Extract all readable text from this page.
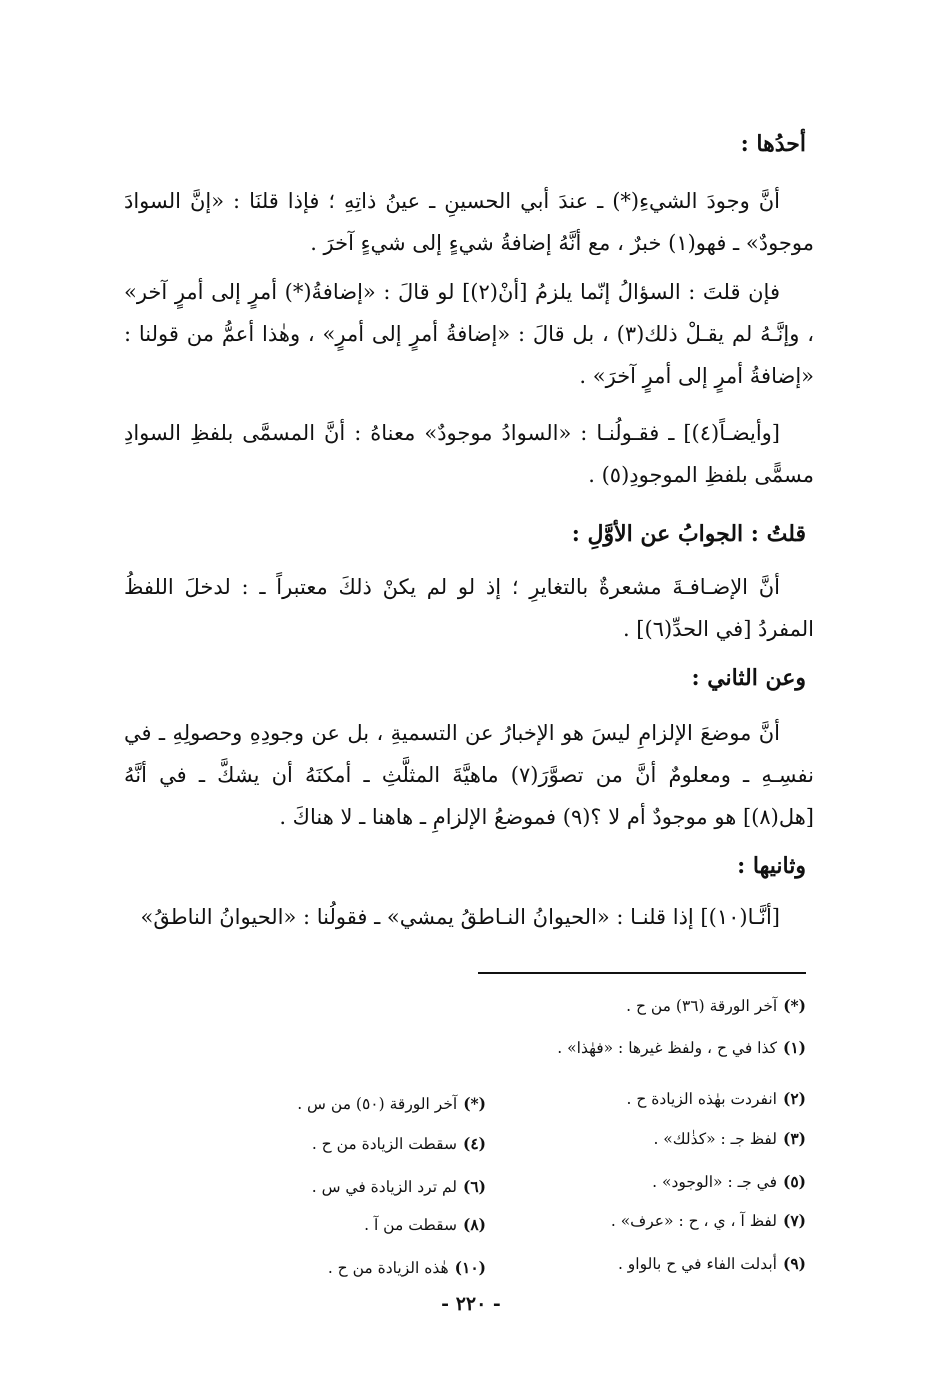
أحدُها :
أنَّ وجودَ الشيءِ(*) ـ عندَ أبي الحسينِ ـ عينُ ذاتِهِ ؛ فإذا قلنَا : «إنَّ السوادَ موجودٌ» ـ فهو(١) خبرٌ ، مع أنَّهُ إضافةُ شيءٍ إلى شيءٍ آخرَ .
فإن قلتَ : السؤالُ إنّما يلزمُ [أنْ(٢)] لو قالَ : «إضافةُ(*) أمرٍ إلى أمرٍ آخر» ، وإنَّـهُ لم يقـلْ ذلك(٣) ، بل قالَ : «إضافةُ أمرٍ إلى أمرٍ» ، وهٰذا أعمُّ من قولنا : «إضافةُ أمرٍ إلى أمرٍ آخرَ» .
[وأيضـاً(٤)] ـ فقـولُنـا : «السوادُ موجودٌ» معناهُ : أنَّ المسمَّى بلفظِ السوادِ مسمًّى بلفظِ الموجودِ(٥) .
قلتُ : الجوابُ عن الأوَّلِ :
أنَّ الإضـافـةَ مشعرةٌ بالتغايرِ ؛ إذ لو لم يكنْ ذلكَ معتبراً ـ : لدخلَ اللفظُ المفردُ [في الحدِّ(٦)] .
وعن الثاني :
أنَّ موضعَ الإلزامِ ليسَ هو الإخبارُ عن التسميةِ ، بل عن وجودِهِ وحصولِهِ ـ في نفسِـهِ ـ ومعلومٌ أنَّ من تصوَّرَ(٧) ماهيَّةَ المثلَّثِ ـ أمكنَهُ أن يشكَّ ـ في أنَّهُ [هل(٨)] هو موجودٌ أم لا ؟(٩) فموضعُ الإلزامِ ـ هاهنا ـ لا هناكَ .
وثانيها :
[أنَّـا(١٠)] إذا قلنـا : «الحيوانُ النـاطقُ يمشي» ـ فقولُنا : «الحيوانُ الناطقُ»
(*)آخر الورقة (٣٦) من ح .
(١)كذا في ح ، ولفظ غيرها : «فهٰذا» .
(٢)انفردت بهٰذه الزيادة ح .
(*)آخر الورقة (٥٠) من س .
(٣)لفظ جـ : «كذٰلك» .
(٤)سقطت الزيادة من ح .
(٥)في جـ : «الوجود» .
(٦)لم ترد الزيادة في س .
(٧)لفظ آ ، ي ، ح : «عرف» .
(٨)سقطت من آ .
(٩)أبدلت الفاء في ح بالواو .
(١٠)هٰذه الزيادة من ح .
- ٢٢٠ -
